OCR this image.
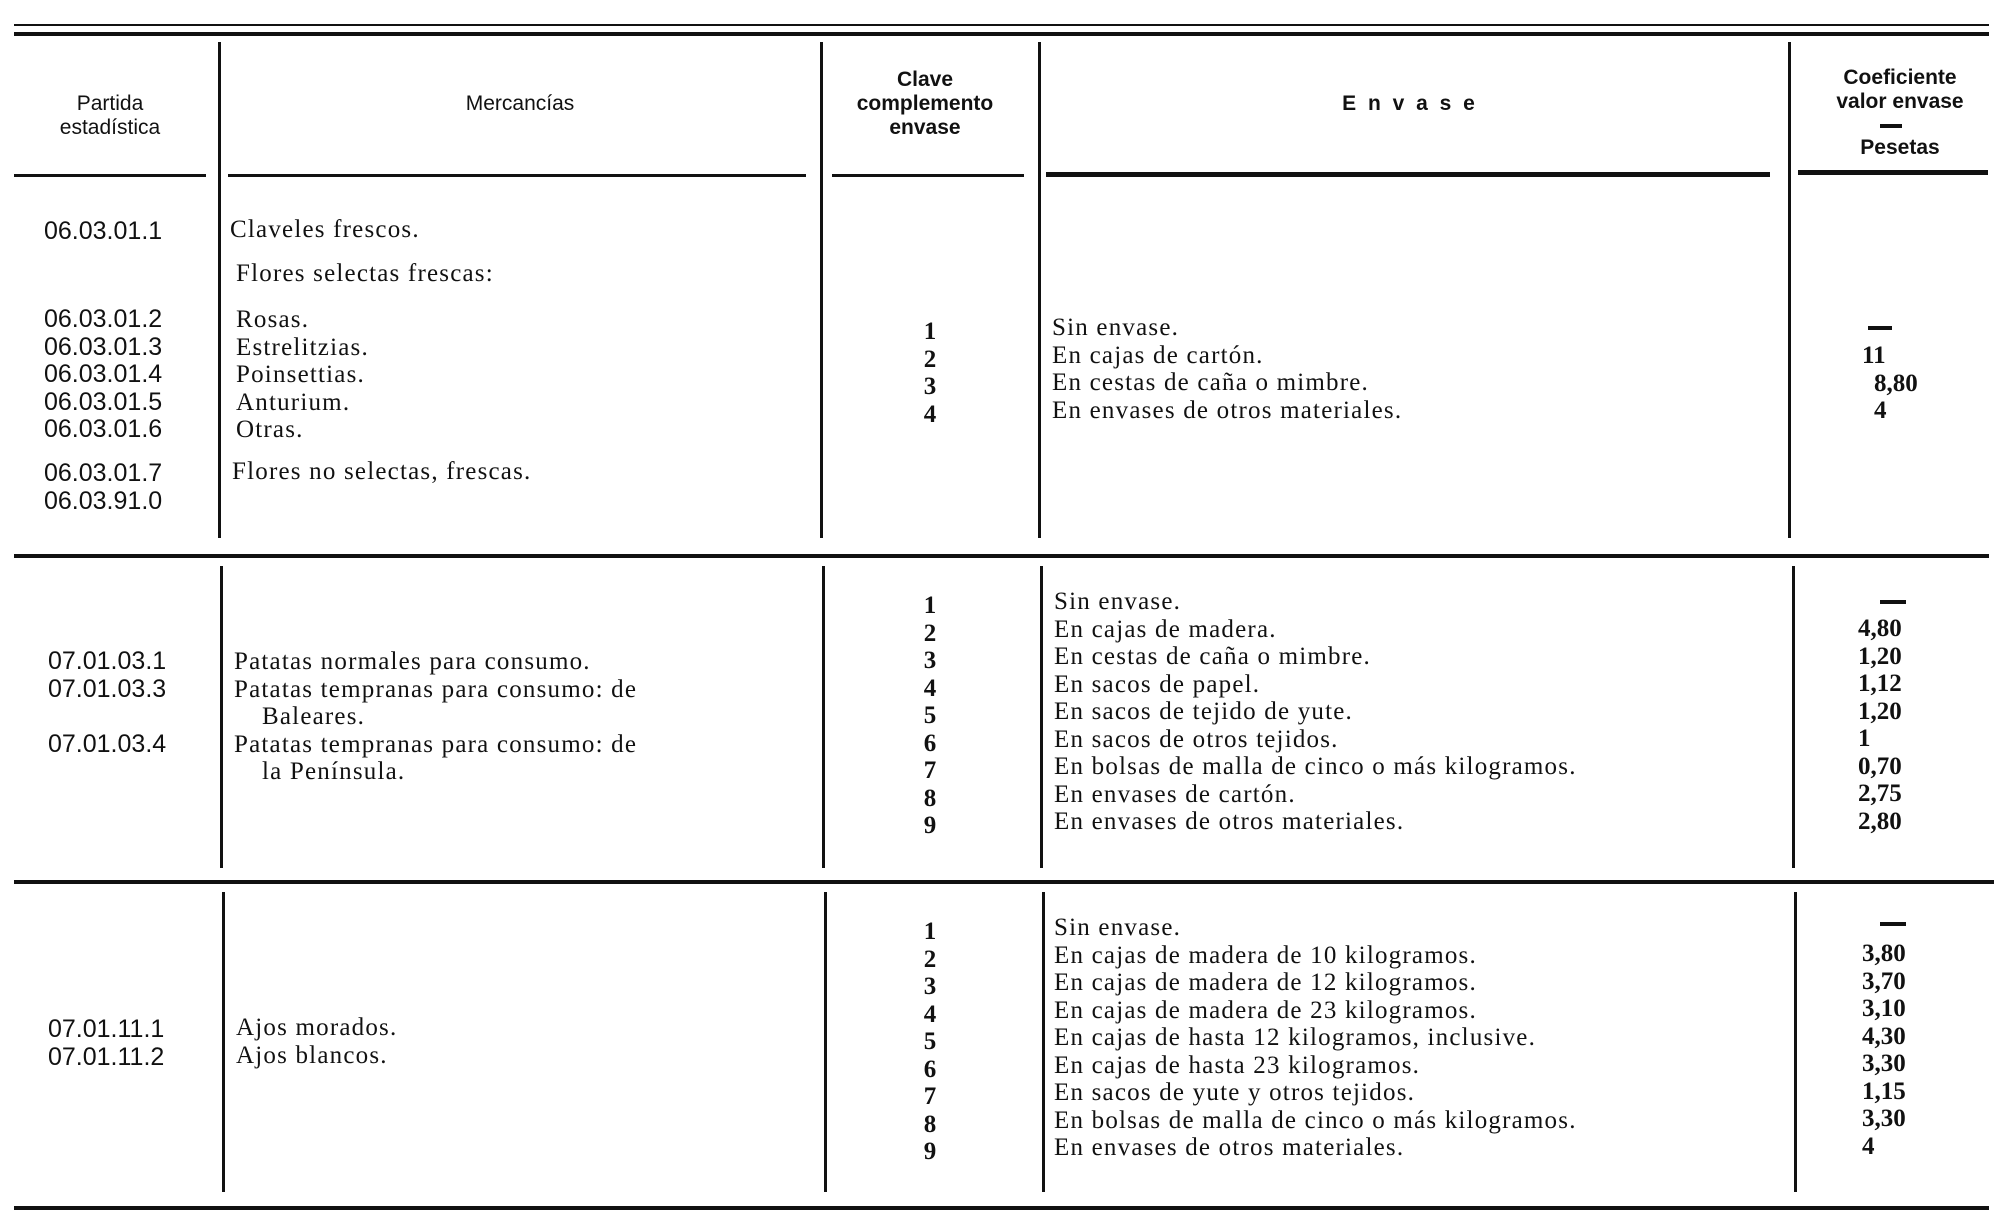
Partida
estadística
Mercancías
Clave
complemento
envase
E n v a s e
Coeficiente
valor envase
Pesetas
06.03.01.1
06.03.01.2
06.03.01.3
06.03.01.4
06.03.01.5
06.03.01.6
06.03.01.7
06.03.91.0
Claveles frescos.
Flores selectas frescas:
Rosas.
Estrelitzias.
Poinsettias.
Anturium.
Otras.
Flores no selectas, frescas.
1
2
3
4
Sin envase.
En cajas de cartón.
En cestas de caña o mimbre.
En envases de otros materiales.
11
8,80
4
07.01.03.1
07.01.03.3
07.01.03.4
Patatas normales para consumo.
Patatas tempranas para consumo: de
Baleares.
Patatas tempranas para consumo: de
la Península.
1
2
3
4
5
6
7
8
9
Sin envase.
En cajas de madera.
En cestas de caña o mimbre.
En sacos de papel.
En sacos de tejido de yute.
En sacos de otros tejidos.
En bolsas de malla de cinco o más kilogramos.
En envases de cartón.
En envases de otros materiales.
4,80
1,20
1,12
1,20
1
0,70
2,75
2,80
07.01.11.1
07.01.11.2
Ajos morados.
Ajos blancos.
1
2
3
4
5
6
7
8
9
Sin envase.
En cajas de madera de 10 kilogramos.
En cajas de madera de 12 kilogramos.
En cajas de madera de 23 kilogramos.
En cajas de hasta 12 kilogramos, inclusive.
En cajas de hasta 23 kilogramos.
En sacos de yute y otros tejidos.
En bolsas de malla de cinco o más kilogramos.
En envases de otros materiales.
3,80
3,70
3,10
4,30
3,30
1,15
3,30
4
